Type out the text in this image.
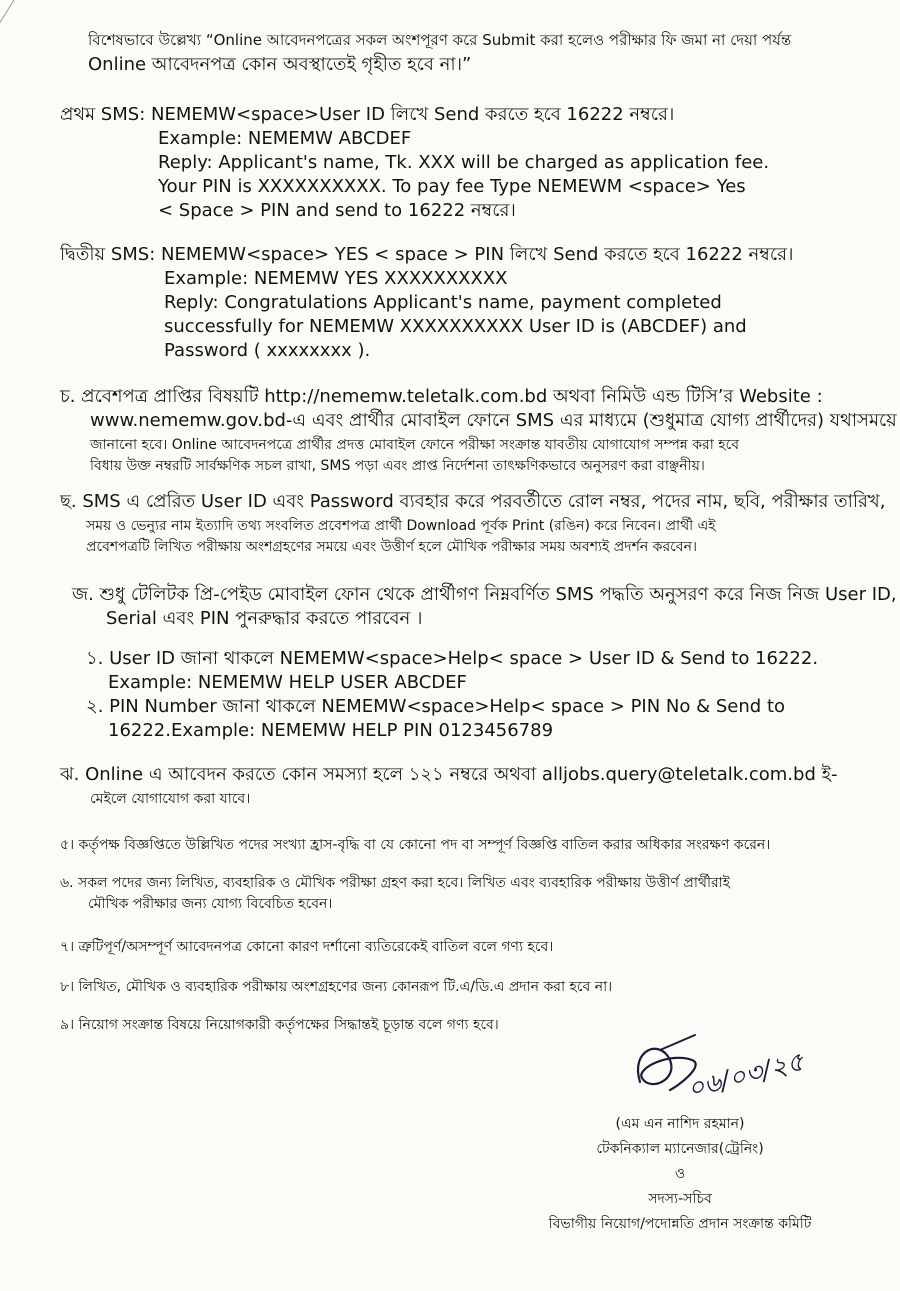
বিশেষভাবে উল্লেখ্য “Online আবেদনপত্রের সকল অংশপূরণ করে Submit করা হলেও পরীক্ষার ফি জমা না দেয়া পর্যন্ত
Online আবেদনপত্র কোন অবস্থাতেই গৃহীত হবে না।”
প্রথম SMS: NEMEMW<space>User ID লিখে Send করতে হবে 16222 নম্বরে।
Example: NEMEMW ABCDEF
Reply: Applicant's name, Tk. XXX will be charged as application fee.
Your PIN is XXXXXXXXXX. To pay fee Type NEMEWM <space> Yes
< Space > PIN and send to 16222 নম্বরে।
দ্বিতীয় SMS: NEMEMW<space> YES < space > PIN লিখে Send করতে হবে 16222 নম্বরে।
Example: NEMEMW YES XXXXXXXXXX
Reply: Congratulations Applicant's name, payment completed
successfully for NEMEMW XXXXXXXXXX User ID is (ABCDEF) and
Password ( xxxxxxxx ).
চ. প্রবেশপত্র প্রাপ্তির বিষয়টি http://nememw.teletalk.com.bd অথবা নিমিউ এন্ড টিসি’র Website :
www.nememw.gov.bd-এ এবং প্রার্থীর মোবাইল ফোনে SMS এর মাধ্যমে (শুধুমাত্র যোগ্য প্রার্থীদের) যথাসময়ে
জানানো হবে। Online আবেদনপত্রে প্রার্থীর প্রদত্ত মোবাইল ফোনে পরীক্ষা সংক্রান্ত যাবতীয় যোগাযোগ সম্পন্ন করা হবে
বিধায় উক্ত নম্বরটি সার্বক্ষণিক সচল রাখা, SMS পড়া এবং প্রাপ্ত নির্দেশনা তাৎক্ষণিকভাবে অনুসরণ করা বাঞ্ছনীয়।
ছ. SMS এ প্রেরিত User ID এবং Password ব্যবহার করে পরবর্তীতে রোল নম্বর, পদের নাম, ছবি, পরীক্ষার তারিখ,
সময় ও ভেন্যুর নাম ইত্যাদি তথ্য সংবলিত প্রবেশপত্র প্রার্থী Download পূর্বক Print (রঙিন) করে নিবেন। প্রার্থী এই
প্রবেশপত্রটি লিখিত পরীক্ষায় অংশগ্রহণের সময়ে এবং উত্তীর্ণ হলে মৌখিক পরীক্ষার সময় অবশ্যই প্রদর্শন করবেন।
জ. শুধু টেলিটক প্রি-পেইড মোবাইল ফোন থেকে প্রার্থীগণ নিম্নবর্ণিত SMS পদ্ধতি অনুসরণ করে নিজ নিজ User ID,
Serial এবং PIN পুনরুদ্ধার করতে পারবেন ।
১. User ID জানা থাকলে NEMEMW<space>Help< space > User ID & Send to 16222.
Example: NEMEMW HELP USER ABCDEF
২. PIN Number জানা থাকলে NEMEMW<space>Help< space > PIN No & Send to
16222.Example: NEMEMW HELP PIN 0123456789
ঝ. Online এ আবেদন করতে কোন সমস্যা হলে ১২১ নম্বরে অথবা alljobs.query@teletalk.com.bd ই-
মেইলে যোগাযোগ করা যাবে।
৫। কর্তৃপক্ষ বিজ্ঞপ্তিতে উল্লিখিত পদের সংখ্যা হ্রাস-বৃদ্ধি বা যে কোনো পদ বা সম্পূর্ণ বিজ্ঞপ্তি বাতিল করার অধিকার সংরক্ষণ করেন।
৬. সকল পদের জন্য লিখিত, ব্যবহারিক ও মৌখিক পরীক্ষা গ্রহণ করা হবে। লিখিত এবং ব্যবহারিক পরীক্ষায় উত্তীর্ণ প্রার্থীরাই
মৌখিক পরীক্ষার জন্য যোগ্য বিবেচিত হবেন।
৭। ত্রুটিপূর্ণ/অসম্পূর্ণ আবেদনপত্র কোনো কারণ দর্শানো ব্যতিরেকেই বাতিল বলে গণ্য হবে।
৮। লিখিত, মৌখিক ও ব্যবহারিক পরীক্ষায় অংশগ্রহণের জন্য কোনরূপ টি.এ/ডি.এ প্রদান করা হবে না।
৯। নিয়োগ সংক্রান্ত বিষয়ে নিয়োগকারী কর্তৃপক্ষের সিদ্ধান্তই চূড়ান্ত বলে গণ্য হবে।
০৬/০৩/২৫
(এম এন নাশিদ রহমান)
টেকনিক্যাল ম্যানেজার(ট্রেনিং)
ও
সদস্য-সচিব
বিভাগীয় নিয়োগ/পদোন্নতি প্রদান সংক্রান্ত কমিটি
